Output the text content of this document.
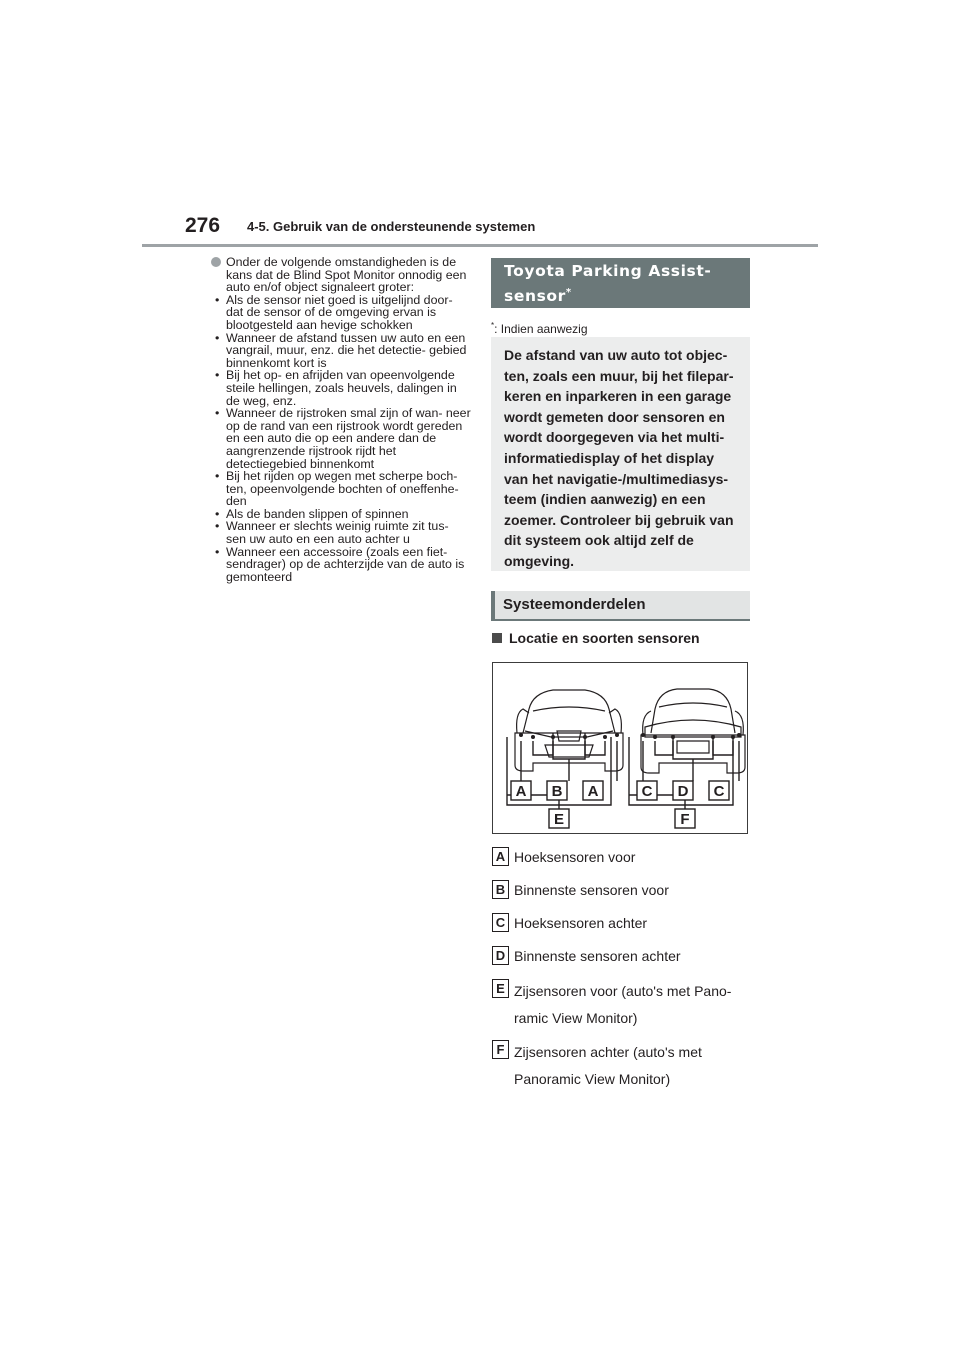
276 4-5. Gebruik van de ondersteunende systemen
Onder de volgende omstandigheden is de kans dat de Blind Spot Monitor onnodig een auto en/of object signaleert groter:
• Als de sensor niet goed is uitgelijnd door- dat de sensor of de omgeving ervan is blootgesteld aan hevige schokken
• Wanneer de afstand tussen uw auto en een vangrail, muur, enz. die het detectie- gebied binnenkomt kort is
• Bij het op- en afrijden van opeenvolgende steile hellingen, zoals heuvels, dalingen in de weg, enz.
• Wanneer de rijstroken smal zijn of wan- neer op de rand van een rijstrook wordt gereden en een auto die op een andere dan de aangrenzende rijstrook rijdt het detectiegebied binnenkomt
• Bij het rijden op wegen met scherpe boch- ten, opeenvolgende bochten of oneffenhe- den
• Als de banden slippen of spinnen
• Wanneer er slechts weinig ruimte zit tus- sen uw auto en een auto achter u
• Wanneer een accessoire (zoals een fiet- sendrager) op de achterzijde van de auto is gemonteerd
Toyota Parking Assist-
sensor*
*: Indien aanwezig
De afstand van uw auto tot objec- ten, zoals een muur, bij het filepar- keren en inparkeren in een garage wordt gemeten door sensoren en wordt doorgegeven via het multi- informatiedisplay of het display van het navigatie-/multimediasys- teem (indien aanwezig) en een zoemer. Controleer bij gebruik van dit systeem ook altijd zelf de omgeving.
Systeemonderdelen
Locatie en soorten sensoren
A B A
E
C D C
F
A Hoeksensoren voor
B Binnenste sensoren voor
C Hoeksensoren achter
D Binnenste sensoren achter
E Zijsensoren voor (auto's met Pano- ramic View Monitor)
F Zijsensoren achter (auto's met Panoramic View Monitor)
